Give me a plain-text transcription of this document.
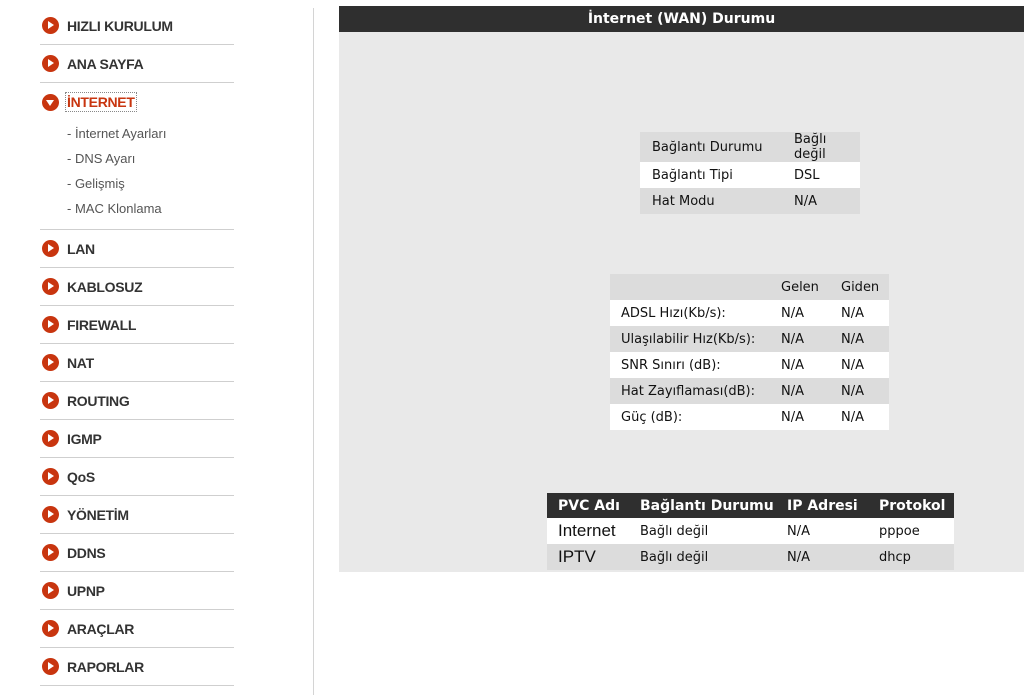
HIZLI KURULUM
ANA SAYFA
İNTERNET
- İnternet Ayarları
- DNS Ayarı
- Gelişmiş
- MAC Klonlama
LAN
KABLOSUZ
FIREWALL
NAT
ROUTING
IGMP
QoS
YÖNETİM
DDNS
UPNP
ARAÇLAR
RAPORLAR
İnternet (WAN) Durumu
Bağlantı Durumu	Bağlı değil
Bağlantı Tipi	DSL
Hat Modu	N/A
	Gelen	Giden
ADSL Hızı(Kb/s):	N/A	N/A
Ulaşılabilir Hız(Kb/s):	N/A	N/A
SNR Sınırı (dB):	N/A	N/A
Hat Zayıflaması(dB):	N/A	N/A
Güç (dB):	N/A	N/A
PVC Adı	Bağlantı Durumu	IP Adresi	Protokol
Internet	Bağlı değil	N/A	pppoe
IPTV	Bağlı değil	N/A	dhcp
